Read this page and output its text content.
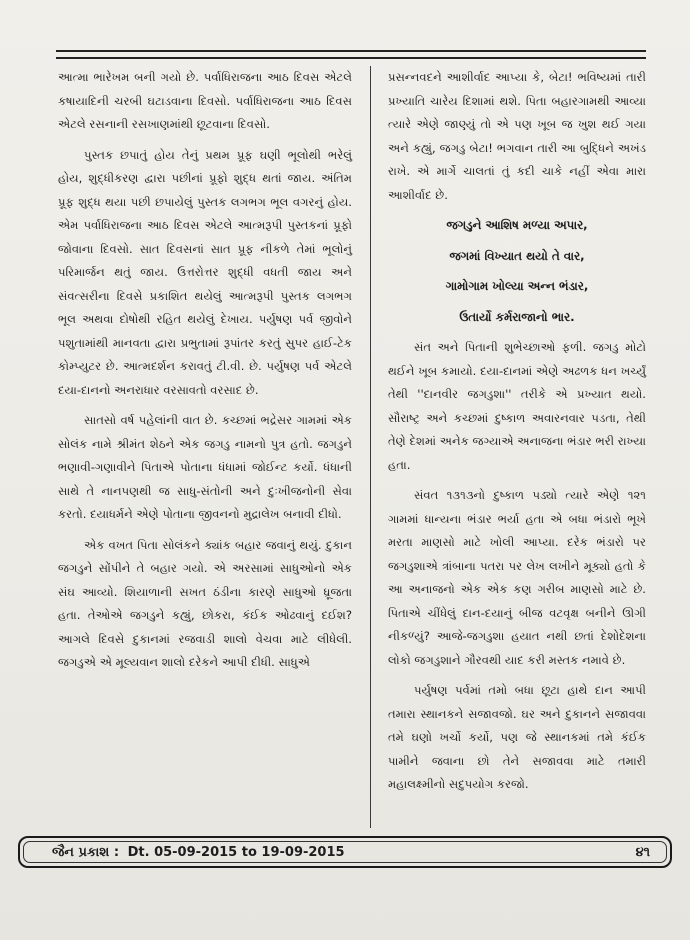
આત્મા ભારેખમ બની ગયો છે. પર્વાધિરાજના આઠ દિવસ એટલે કષાયાદિની ચરબી ઘટાડવાના દિવસો. પર્વાધિરાજના આઠ દિવસ એટલે રસનાની રસખાણમાંથી છૂટવાના દિવસો.

પુસ્તક છપાતું હોય તેનું પ્રથમ પ્રૂફ ઘણી ભૂલોથી ભરેલું હોય, શુદ્ધીકરણ દ્વારા પછીનાં પ્રૂફો શુદ્ધ થતાં જાય. અંતિમ પ્રૂફ શુદ્ધ થયા પછી છપાયેલું પુસ્તક લગભગ ભૂલ વગરનું હોય. એમ પર્વાધિરાજના આઠ દિવસ એટલે આત્મરૂપી પુસ્તકનાં પ્રૂફો જોવાના દિવસો. સાત દિવસનાં સાત પ્રૂફ નીકળે તેમાં ભૂલોનું પરિમાર્જન થતું જાય. ઉત્તરોત્તર શુદ્ધી વધતી જાય અને સંવત્સરીના દિવસે પ્રકાશિત થયેલું આત્મરૂપી પુસ્તક લગભગ ભૂલ અથવા દોષોથી રહિત થયેલું દેખાય. પર્યુષણ પર્વ જીવોને પશુતામાંથી માનવતા દ્વારા પ્રભુતામાં રૂપાંતર કરતું સુપર હાઈ-ટેક કોમ્પ્યુટર છે. આત્મદર્શન કરાવતું ટી.વી. છે. પર્યુષણ પર્વ એટલે દયા-દાનનો અનરાધાર વરસાવતો વરસાદ છે.

સાતસો વર્ષ પહેલાંની વાત છે. કચ્છમાં ભદ્રેસર ગામમાં એક સોલંક નામે શ્રીમંત શેઠને એક જગડુ નામનો પુત્ર હતો. જગડુને ભણાવી-ગણાવીને પિતાએ પોતાના ધંધામાં જોઈન્ટ કર્યો. ધંધાની સાથે તે નાનપણથી જ સાધુ-સંતોની અને દુઃખીજનોની સેવા કરતો. દયાધર્મને એણે પોતાના જીવનનો મુદ્રાલેખ બનાવી દીધો.

એક વખત પિતા સોલંકને ક્યાંક બહાર જવાનું થયું. દુકાન જગડુને સોંપીને તે બહાર ગયો. એ અરસામાં સાધુઓનો એક સંઘ આવ્યો. શિયાળાની સખત ઠંડીના કારણે સાધુઓ ધ્રૂજતા હતા. તેઓએ જગડુને કહ્યું, છોકરા, કંઈક ઓઢવાનું દઈશ? આગલે દિવસે દુકાનમાં રજવાડી શાલો વેચવા માટે લીધેલી. જગડુએ એ મૂલ્યવાન શાલો દરેકને આપી દીધી. સાધુએ

પ્રસન્નવદને આશીર્વાદ આપ્યા કે, બેટા! ભવિષ્યમાં તારી પ્રખ્યાતિ ચારેય દિશામાં થશે. પિતા બહારગામથી આવ્યા ત્યારે એણે જાણ્યું તો એ પણ ખૂબ જ ખુશ થઈ ગયા અને કહ્યું, જગડુ બેટા! ભગવાન તારી આ બુદ્ધિને અખંડ રાખે. એ માર્ગે ચાલતાં તું કદી ચાકે નહીં એવા મારા આશીર્વાદ છે.

જગડુને આશિષ મળ્યા અપાર,

જગમાં વિખ્યાત થયો તે વાર,

ગામોગામ ખોલ્યા અન્ન ભંડાર,

ઉતાર્યો કર્મરાજાનો ભાર.

સંત અને પિતાની શુભેચ્છાઓ ફળી. જગડુ મોટો થઈને ખૂબ કમાયો. દયા-દાનમાં એણે અઢળક ધન ખર્ચ્યું તેથી ''દાનવીર જગડુશા'' તરીકે એ પ્રખ્યાત થયો. સૌરાષ્ટ્ર અને કચ્છમાં દુષ્કાળ અવારનવાર પડતા, તેથી તેણે દેશમાં અનેક જગ્યાએ અનાજના ભંડાર ભરી રાખ્યા હતા.

સંવત ૧૩૧૩નો દુષ્કાળ પડ્યો ત્યારે એણે ૧૨૧ ગામમાં ધાન્યના ભંડાર ભર્યા હતા એ બધા ભંડારો ભૂખે મરતા માણસો માટે ખોલી આપ્યા. દરેક ભંડારો પર જગડુશાએ ત્રાંબાના પતરા પર લેખ લખીને મૂક્યો હતો કે આ અનાજનો એક એક કણ ગરીબ માણસો માટે છે. પિતાએ ચીંધેલું દાન-દયાનું બીજ વટવૃક્ષ બનીને ઊગી નીકળ્યું? આજે-જગડુશા હયાત નથી છતાં દેશોદેશના લોકો જગડુશાને ગૌરવથી યાદ કરી મસ્તક નમાવે છે.

પર્યુષણ પર્વમાં તમો બધા છૂટા હાથે દાન આપી તમારા સ્થાનકને સજાવજો. ઘર અને દુકાનને સજાવવા તમે ઘણો ખર્ચો કર્યો, પણ જે સ્થાનકમાં તમે કંઈક પામીને જવાના છો તેને સજાવવા માટે તમારી મહાલક્ષ્મીનો સદુપયોગ કરજો.

જૈન પ્રકાશ : Dt. 05-09-2015 to 19-09-2015	૪૧
